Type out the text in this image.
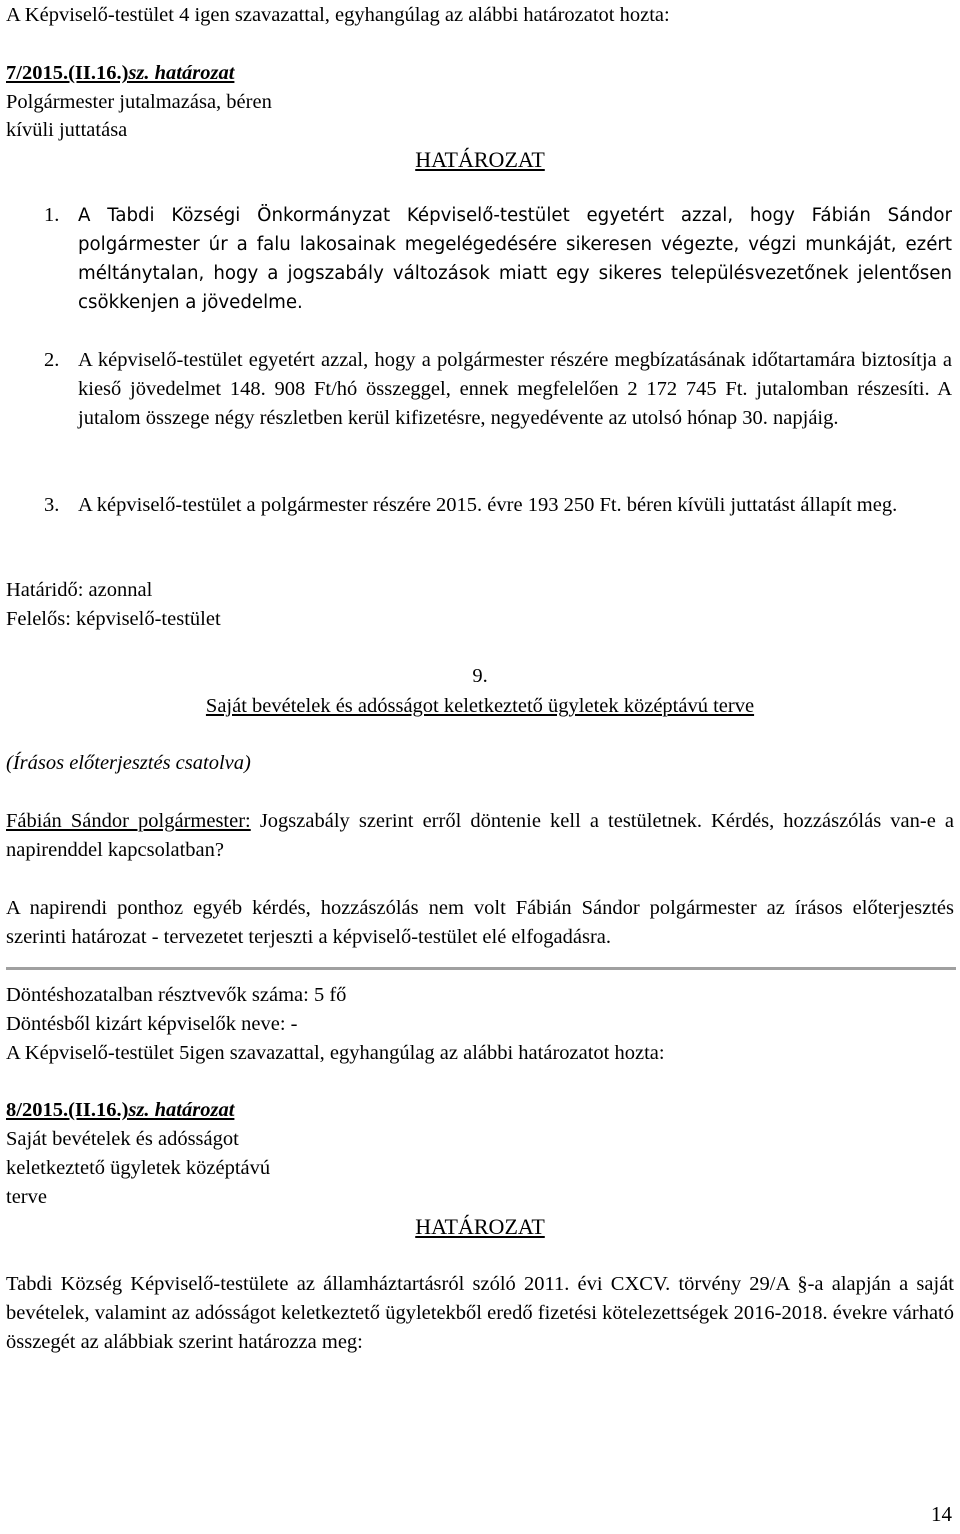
A Képviselő-testület 4 igen szavazattal, egyhangúlag az alábbi határozatot hozta:

7/2015.(II.16.)sz. határozat

Polgármester jutalmazása, béren

kívüli juttatása

HATÁROZAT
1. A Tabdi Községi Önkormányzat Képviselő-testület egyetért azzal, hogy Fábián Sándor polgármester úr a falu lakosainak megelégedésére sikeresen végezte, végzi munkáját, ezért méltánytalan, hogy a jogszabály változások miatt egy sikeres településvezetőnek jelentősen csökkenjen a jövedelme.

2. A képviselő-testület egyetért azzal, hogy a polgármester részére megbízatásának időtartamára biztosítja a kieső jövedelmet 148. 908 Ft/hó összeggel, ennek megfelelően 2 172 745 Ft. jutalomban részesíti. A jutalom összege négy részletben kerül kifizetésre, negyedévente az utolsó hónap 30. napjáig.

3. A képviselő-testület a polgármester részére 2015. évre 193 250 Ft. béren kívüli juttatást állapít meg.

Határidő: azonnal

Felelős: képviselő-testület

9.
Saját bevételek és adósságot keletkeztető ügyletek középtávú terve

(Írásos előterjesztés csatolva)

Fábián Sándor polgármester: Jogszabály szerint erről döntenie kell a testületnek. Kérdés, hozzászólás van-e a napirenddel kapcsolatban?

A napirendi ponthoz egyéb kérdés, hozzászólás nem volt Fábián Sándor polgármester az írásos előterjesztés szerinti határozat - tervezetet terjeszti a képviselő-testület elé elfogadásra.

Döntéshozatalban résztvevők száma: 5 fő

Döntésből kizárt képviselők neve: -

A Képviselő-testület 5igen szavazattal, egyhangúlag az alábbi határozatot hozta:

8/2015.(II.16.)sz. határozat

Saját bevételek és adósságot

keletkeztető ügyletek középtávú

terve

HATÁROZAT

Tabdi Község Képviselő-testülete az államháztartásról szóló 2011. évi CXCV. törvény 29/A §-a alapján a saját bevételek, valamint az adósságot keletkeztető ügyletekből eredő fizetési kötelezettségek 2016-2018. évekre várható összegét az alábbiak szerint határozza meg:

14
